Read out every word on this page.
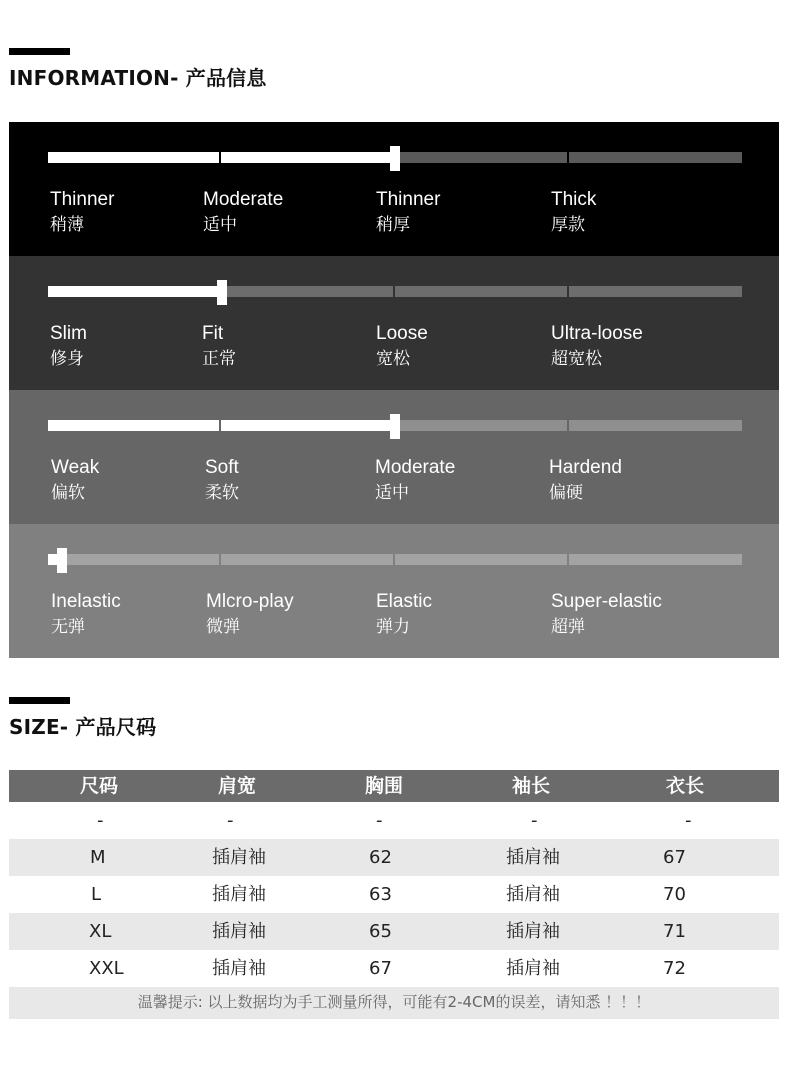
INFORMATION- 产品信息
Thinner
稍薄
Moderate
适中
Thinner
稍厚
Thick
厚款
Slim
修身
Fit
正常
Loose
宽松
Ultra-loose
超宽松
Weak
偏软
Soft
柔软
Moderate
适中
Hardend
偏硬
Inelastic
无弹
Mlcro-play
微弹
Elastic
弹力
Super-elastic
超弹
SIZE- 产品尺码
尺码	肩宽	胸围	袖长	衣长
-	-	-	-	-
M	插肩袖	62	插肩袖	67
L	插肩袖	63	插肩袖	70
XL	插肩袖	65	插肩袖	71
XXL	插肩袖	67	插肩袖	72
温馨提示: 以上数据均为手工测量所得，可能有2-4CM的误差，请知悉 ！！！
